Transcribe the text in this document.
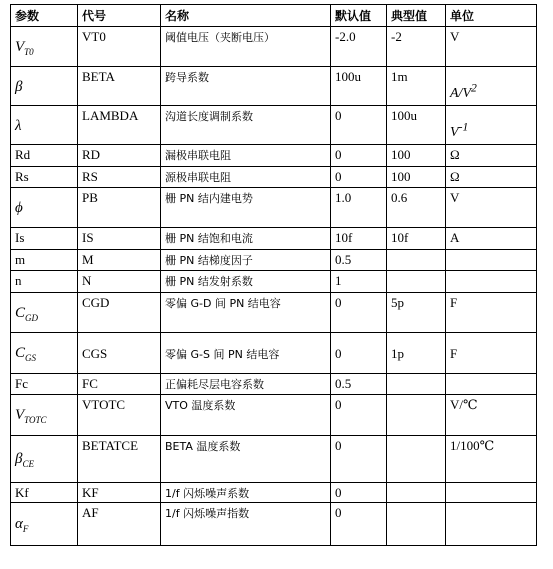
参数	代号	名称	默认值	典型值	单位
$V_{T0}$	VT0	阈值电压（夹断电压）	-2.0	-2	V
β	BETA	跨导系数	100u	1m	$A/V^2$
λ	LAMBDA	沟道长度调制系数	0	100u	$V^{-1}$
Rd	RD	漏极串联电阻	0	100	Ω
Rs	RS	源极串联电阻	0	100	Ω
ϕ	PB	栅 PN 结内建电势	1.0	0.6	V
Is	IS	栅 PN 结饱和电流	10f	10f	A
m	M	栅 PN 结梯度因子	0.5		
n	N	栅 PN 结发射系数	1		
$C_{GD}$	CGD	零偏 G-D 间 PN 结电容	0	5p	F
$C_{GS}$	CGS	零偏 G-S 间 PN 结电容	0	1p	F
Fc	FC	正偏耗尽层电容系数	0.5		
$V_{TOTC}$	VTOTC	VTO 温度系数	0		V/℃
$\beta_{CE}$	BETATCE	BETA 温度系数	0		1/100℃
Kf	KF	1/f 闪烁噪声系数	0		
$\alpha_F$	AF	1/f 闪烁噪声指数	0		
